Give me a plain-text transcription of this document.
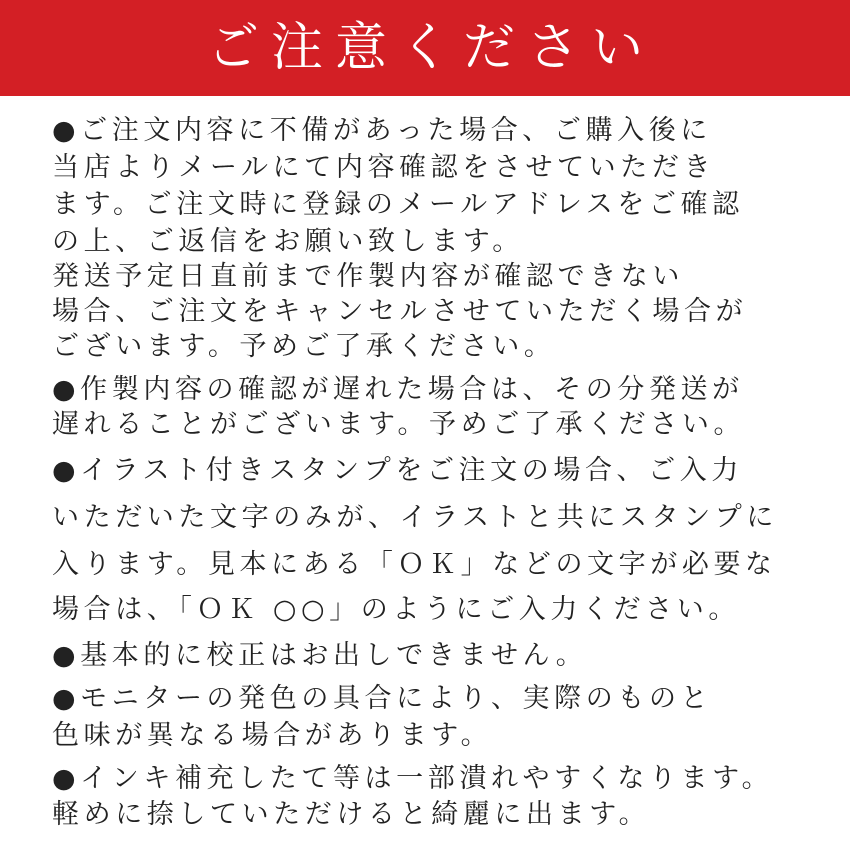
ご注意ください
●ご注文内容に不備があった場合、ご購入後に
当店よりメールにて内容確認をさせていただき
ます。ご注文時に登録のメールアドレスをご確認
の上、ご返信をお願い致します。
発送予定日直前まで作製内容が確認できない
場合、ご注文をキャンセルさせていただく場合が
ございます。予めご了承ください。
●作製内容の確認が遅れた場合は、その分発送が
遅れることがございます。予めご了承ください。
●イラスト付きスタンプをご注文の場合、ご入力
いただいた文字のみが、イラストと共にスタンプに
入ります。見本にある「ＯＫ」などの文字が必要な
場合は、「ＯＫ ○○」のようにご入力ください。
●基本的に校正はお出しできません。
●モニターの発色の具合により、実際のものと
色味が異なる場合があります。
●インキ補充したて等は一部潰れやすくなります。
軽めに捺していただけると綺麗に出ます。
